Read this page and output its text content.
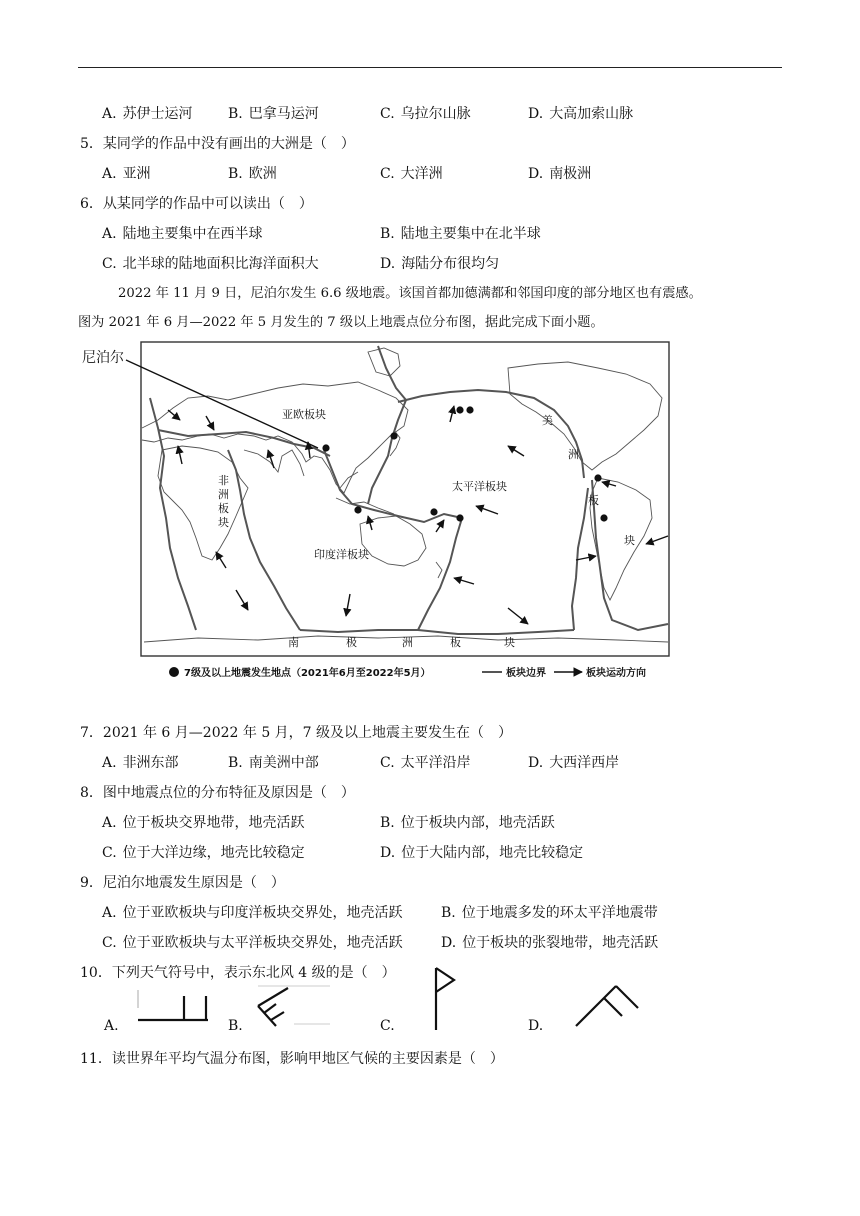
A. 苏伊士运河	B. 巴拿马运河	C. 乌拉尔山脉	D. 大高加索山脉
5．某同学的作品中没有画出的大洲是（　）
A. 亚洲	B. 欧洲	C. 大洋洲	D. 南极洲
6．从某同学的作品中可以读出（　）
A. 陆地主要集中在西半球	B. 陆地主要集中在北半球
C. 北半球的陆地面积比海洋面积大	D. 海陆分布很均匀
2022 年 11 月 9 日，尼泊尔发生 6.6 级地震。该国首都加德满都和邻国印度的部分地区也有震感。
图为 2021 年 6 月—2022 年 5 月发生的 7 级以上地震点位分布图，据此完成下面小题。
尼泊尔
亚欧板块
非
洲
板
块
太平洋板块
印度洋板块
美
洲
板
块
南	极	洲	板	块
7级及以上地震发生地点（2021年6月至2022年5月）	板块边界	板块运动方向
7．2021 年 6 月—2022 年 5 月，7 级及以上地震主要发生在（　）
A. 非洲东部	B. 南美洲中部	C. 太平洋沿岸	D. 大西洋西岸
8．图中地震点位的分布特征及原因是（　）
A. 位于板块交界地带，地壳活跃	B. 位于板块内部，地壳活跃
C. 位于大洋边缘，地壳比较稳定	D. 位于大陆内部，地壳比较稳定
9．尼泊尔地震发生原因是（　）
A. 位于亚欧板块与印度洋板块交界处，地壳活跃	B. 位于地震多发的环太平洋地震带
C. 位于亚欧板块与太平洋板块交界处，地壳活跃	D. 位于板块的张裂地带，地壳活跃
10．下列天气符号中，表示东北风 4 级的是（　）
A.	B.	C.	D.
11．读世界年平均气温分布图，影响甲地区气候的主要因素是（　）
